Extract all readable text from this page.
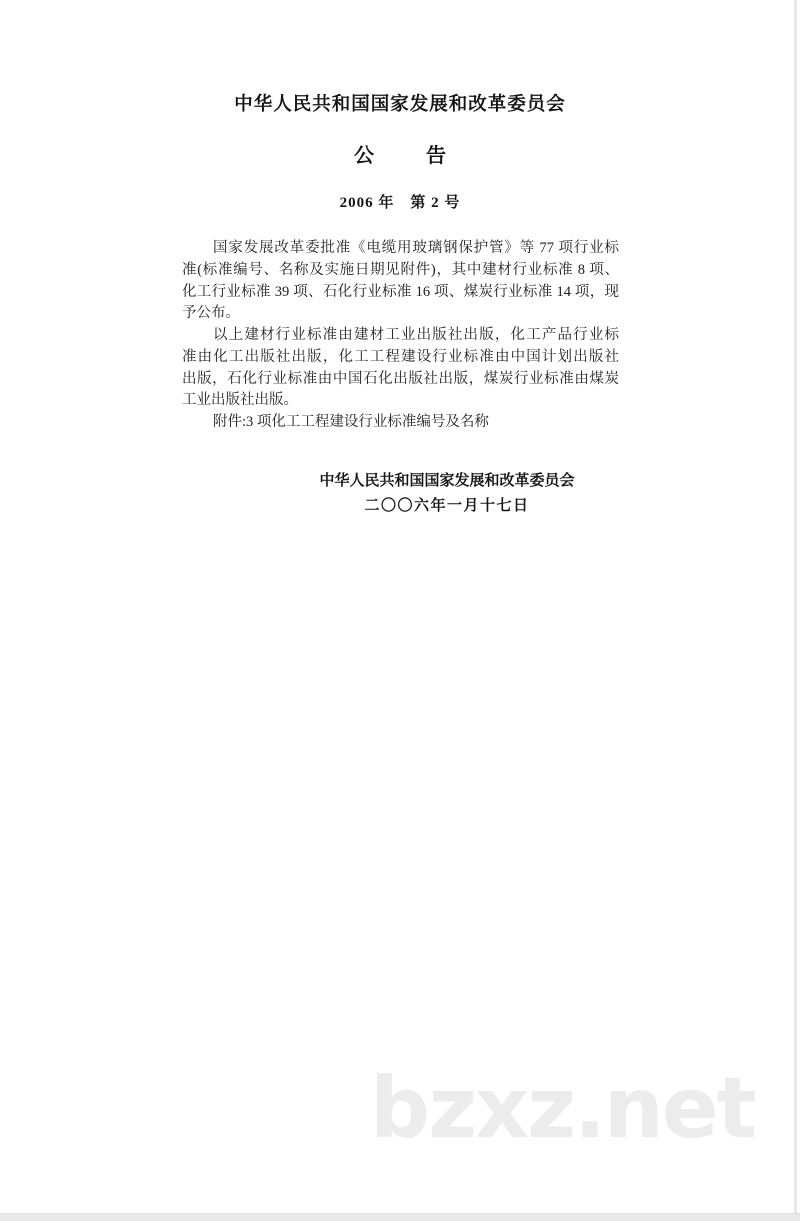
中华人民共和国国家发展和改革委员会
公告
2006 年　第 2 号
国家发展改革委批准《电缆用玻璃钢保护管》等 77 项行业标
准(标准编号、名称及实施日期见附件)，其中建材行业标准 8 项、
化工行业标准 39 项、石化行业标准 16 项、煤炭行业标准 14 项，现
予公布。
以上建材行业标准由建材工业出版社出版，化工产品行业标
准由化工出版社出版，化工工程建设行业标准由中国计划出版社
出版，石化行业标准由中国石化出版社出版，煤炭行业标准由煤炭
工业出版社出版。
附件:3 项化工工程建设行业标准编号及名称
中华人民共和国国家发展和改革委员会
二〇〇六年一月十七日
bzxz.net
